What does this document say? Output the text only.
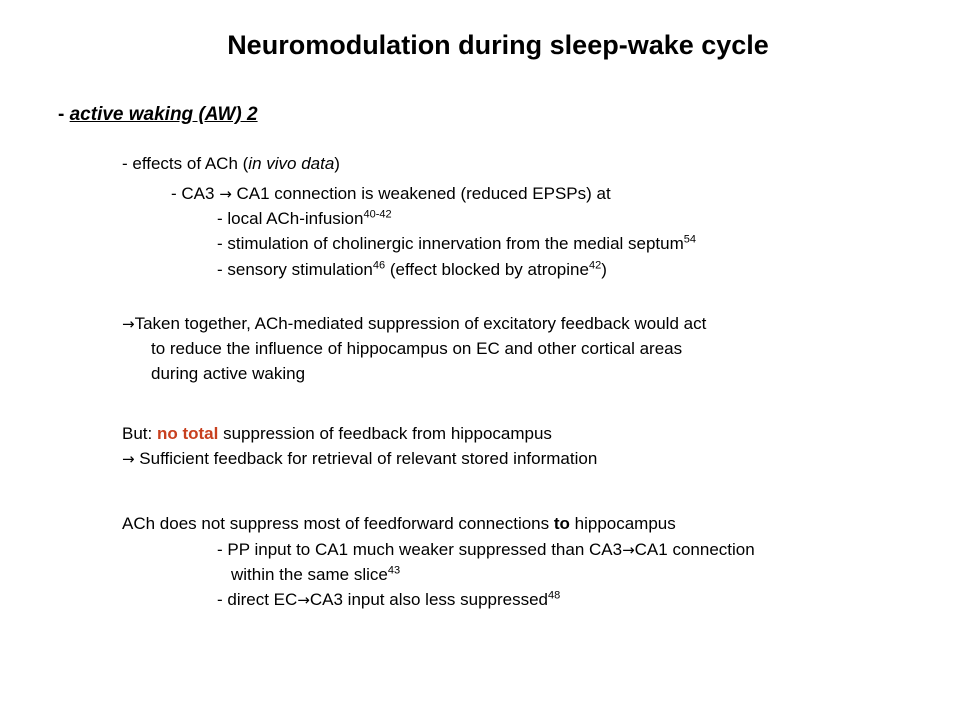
Neuromodulation during sleep-wake cycle
- active waking (AW) 2
- effects of ACh (in vivo data)
- CA3 → CA1 connection is weakened (reduced EPSPs) at
- local ACh-infusion$^{40-42}$
- stimulation of cholinergic innervation from the medial septum$^{54}$
- sensory stimulation$^{46}$ (effect blocked by atropine$^{42}$)
→Taken together, ACh-mediated suppression of excitatory feedback would act
to reduce the influence of hippocampus on EC and other cortical areas
during active waking
But: no total suppression of feedback from hippocampus
→ Sufficient feedback for retrieval of relevant stored information
ACh does not suppress most of feedforward connections to hippocampus
- PP input to CA1 much weaker suppressed than CA3→CA1 connection
within the same slice$^{43}$
- direct EC→CA3 input also less suppressed$^{48}$
